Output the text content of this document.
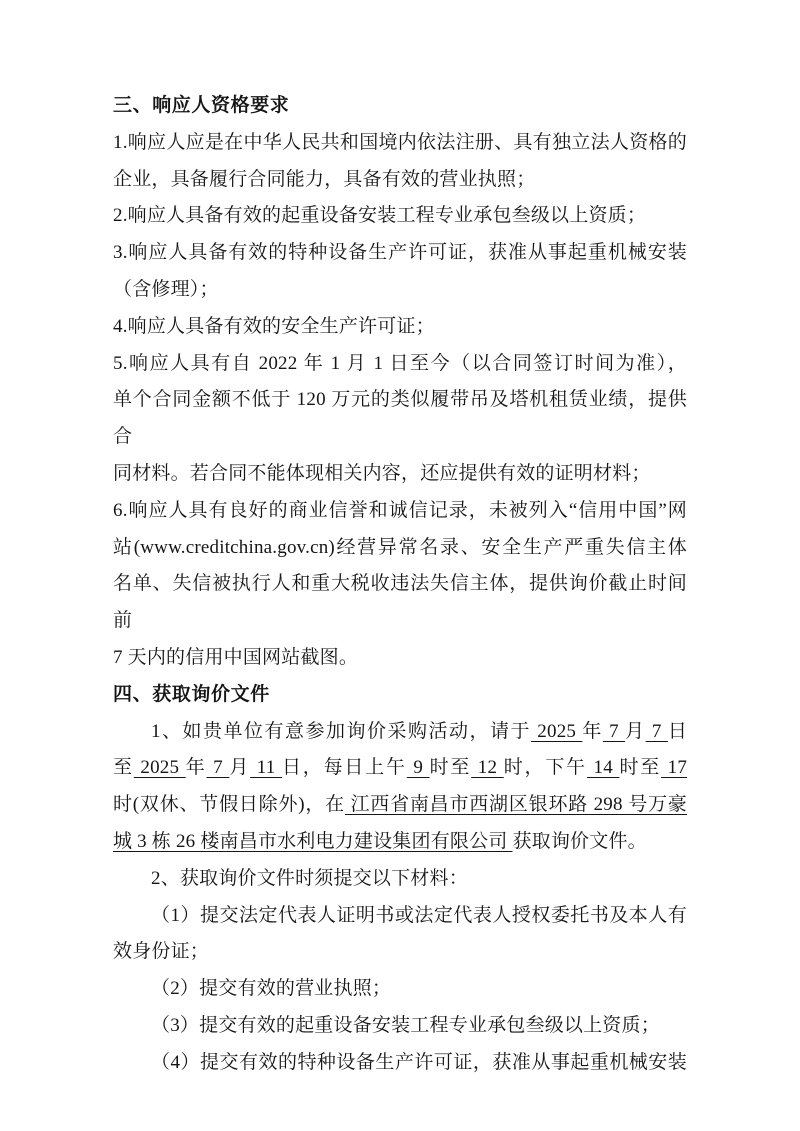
三、响应人资格要求
1.响应人应是在中华人民共和国境内依法注册、具有独立法人资格的
企业，具备履行合同能力，具备有效的营业执照；
2.响应人具备有效的起重设备安装工程专业承包叁级以上资质；
3.响应人具备有效的特种设备生产许可证，获准从事起重机械安装
（含修理）；
4.响应人具备有效的安全生产许可证；
5.响应人具有自 2022 年 1 月 1 日至今（以合同签订时间为准），
单个合同金额不低于 120 万元的类似履带吊及塔机租赁业绩，提供合
同材料。若合同不能体现相关内容，还应提供有效的证明材料；
6.响应人具有良好的商业信誉和诚信记录，未被列入“信用中国”网
站(www.creditchina.gov.cn)经营异常名录、安全生产严重失信主体
名单、失信被执行人和重大税收违法失信主体，提供询价截止时间前
7 天内的信用中国网站截图。
四、获取询价文件
1、如贵单位有意参加询价采购活动，请于 2025 年 7 月 7 日
至 2025 年 7 月 11 日，每日上午 9 时至 12 时，下午 14 时至 17
时(双休、节假日除外)，在 江西省南昌市西湖区银环路 298 号万豪
城 3 栋 26 楼南昌市水利电力建设集团有限公司 获取询价文件。
2、获取询价文件时须提交以下材料：
（1）提交法定代表人证明书或法定代表人授权委托书及本人有
效身份证；
（2）提交有效的营业执照；
（3）提交有效的起重设备安装工程专业承包叁级以上资质；
（4）提交有效的特种设备生产许可证，获准从事起重机械安装
